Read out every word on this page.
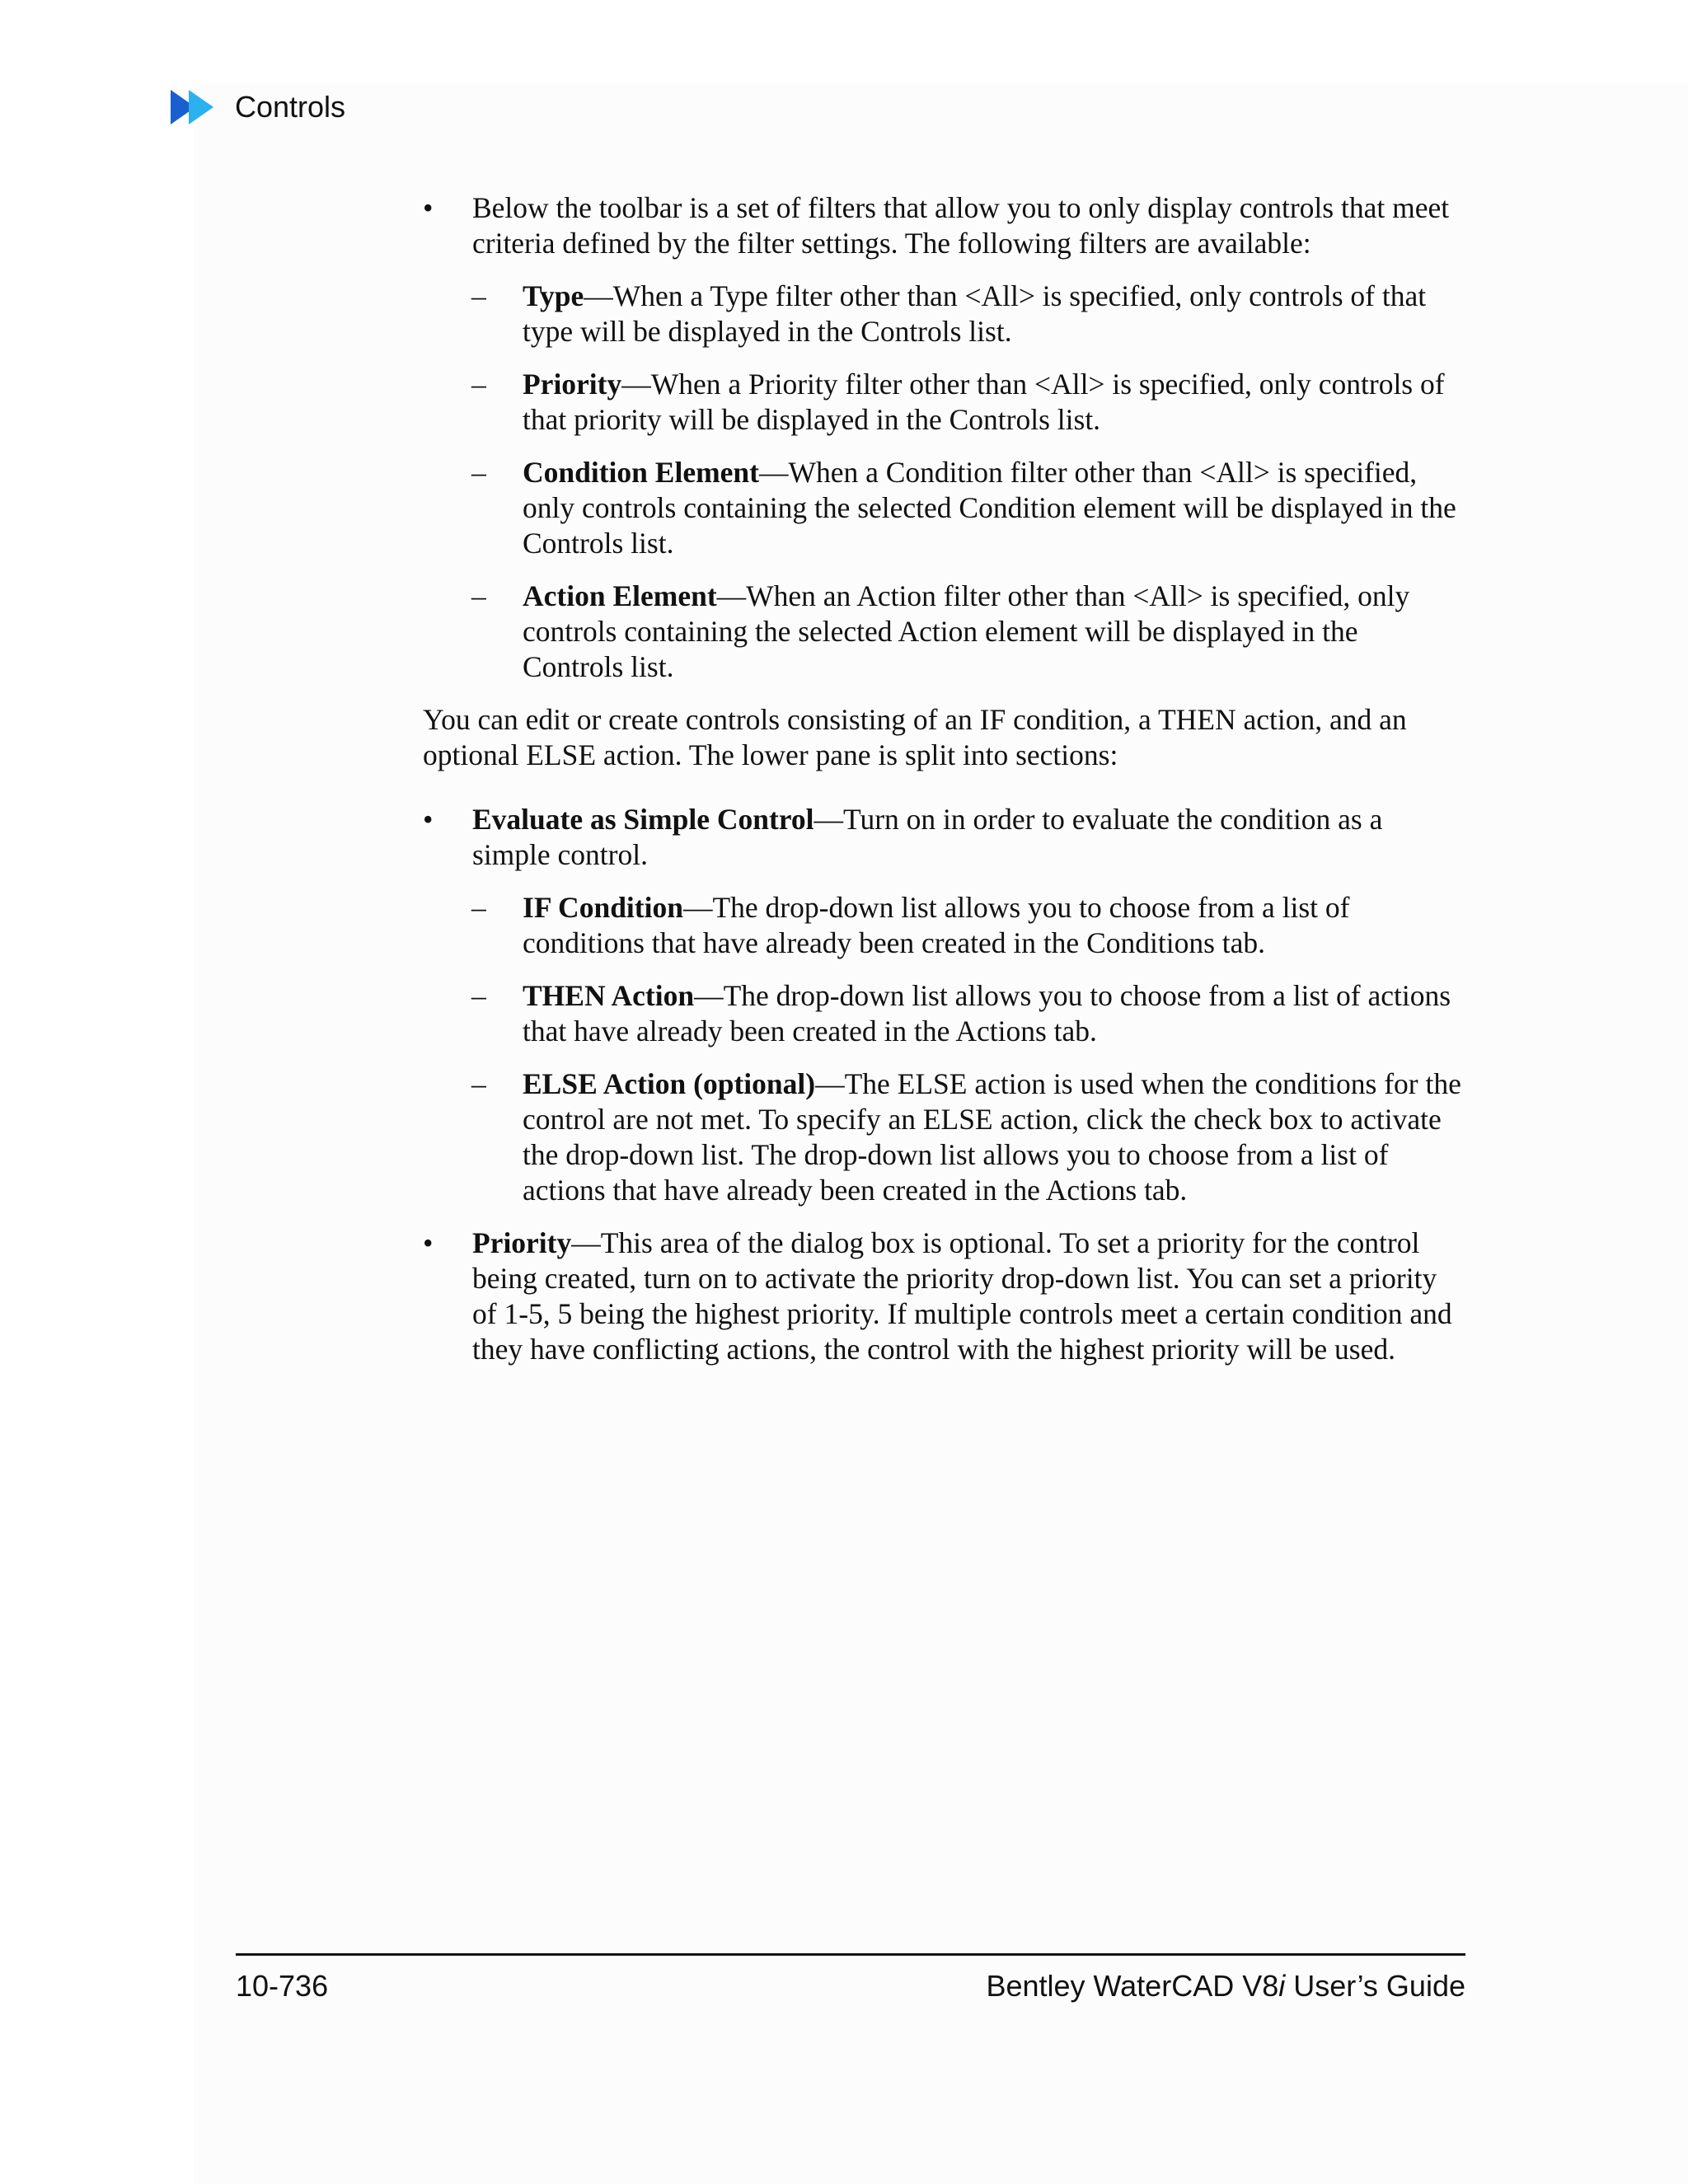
Controls
• Below the toolbar is a set of filters that allow you to only display controls that meet criteria defined by the filter settings. The following filters are available:
– Type—When a Type filter other than <All> is specified, only controls of that type will be displayed in the Controls list.
– Priority—When a Priority filter other than <All> is specified, only controls of that priority will be displayed in the Controls list.
– Condition Element—When a Condition filter other than <All> is specified, only controls containing the selected Condition element will be displayed in the Controls list.
– Action Element—When an Action filter other than <All> is specified, only controls containing the selected Action element will be displayed in the Controls list.
You can edit or create controls consisting of an IF condition, a THEN action, and an optional ELSE action. The lower pane is split into sections:
• Evaluate as Simple Control—Turn on in order to evaluate the condition as a simple control.
– IF Condition—The drop-down list allows you to choose from a list of conditions that have already been created in the Conditions tab.
– THEN Action—The drop-down list allows you to choose from a list of actions that have already been created in the Actions tab.
– ELSE Action (optional)—The ELSE action is used when the conditions for the control are not met. To specify an ELSE action, click the check box to activate the drop-down list. The drop-down list allows you to choose from a list of actions that have already been created in the Actions tab.
• Priority—This area of the dialog box is optional. To set a priority for the control being created, turn on to activate the priority drop-down list. You can set a priority of 1-5, 5 being the highest priority. If multiple controls meet a certain condition and they have conflicting actions, the control with the highest priority will be used.
10-736	Bentley WaterCAD V8i User’s Guide
